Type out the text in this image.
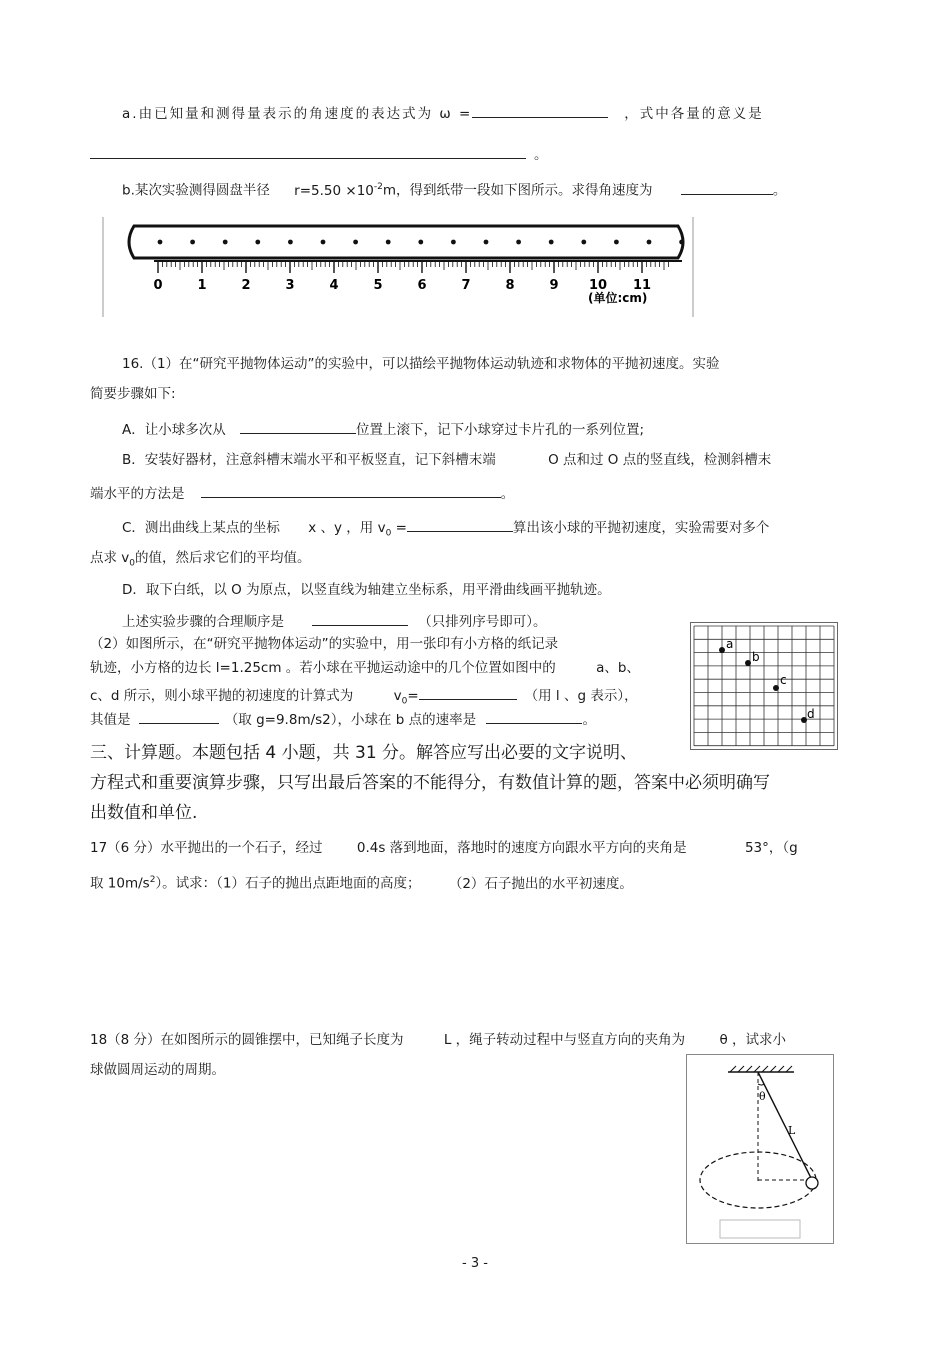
a.由已知量和测得量表示的角速度的表达式为 ω =	，式中各量的意义是
。
b.某次实验测得圆盘半径 $r=5.50 \times 10^{-2}m$，得到纸带一段如下图所示。求得角速度为	。
0	1	2	3	4	5	6	7	8	9 10 11
(单位:cm)
16.（1）在“研究平抛物体运动”的实验中，可以描绘平抛物体运动轨迹和求物体的平抛初速度。实验
简要步骤如下:
A．让小球多次从	位置上滚下，记下小球穿过卡片孔的一系列位置;
B．安装好器材，注意斜槽末端水平和平板竖直，记下斜槽末端	O 点和过 O 点的竖直线，检测斜槽末
端水平的方法是	。
C．测出曲线上某点的坐标 x 、y ，用 $v_0$ =	算出该小球的平抛初速度，实验需要对多个
点求 $v_0$的值，然后求它们的平均值。
D．取下白纸，以 O 为原点，以竖直线为轴建立坐标系，用平滑曲线画平抛轨迹。
上述实验步骤的合理顺序是	（只排列序号即可）。
（2）如图所示，在“研究平抛物体运动”的实验中，用一张印有小方格的纸记录
轨迹，小方格的边长 l=1.25cm 。若小球在平抛运动途中的几个位置如图中的	a、b、
c、d 所示，则小球平抛的初速度的计算式为	$v_0=$	（用 l 、g 表示），
其值是	（取 g=9.8m/s2），小球在 b 点的速率是	。
a
b
c
d
三、计算题。本题包括 4 小题，共 31 分。解答应写出必要的文字说明、
方程式和重要演算步骤，只写出最后答案的不能得分，有数值计算的题，答案中必须明确写
出数值和单位.
17（6 分）水平抛出的一个石子，经过	0.4s 落到地面，落地时的速度方向跟水平方向的夹角是	53°，（g
取 $10m/s^2$）。试求：（1）石子的抛出点距地面的高度； （2）石子抛出的水平初速度。
18（8 分）在如图所示的圆锥摆中，已知绳子长度为	L ，绳子转动过程中与竖直方向的夹角为	θ ，试求小
球做圆周运动的周期。
θ
L
- 3 -
